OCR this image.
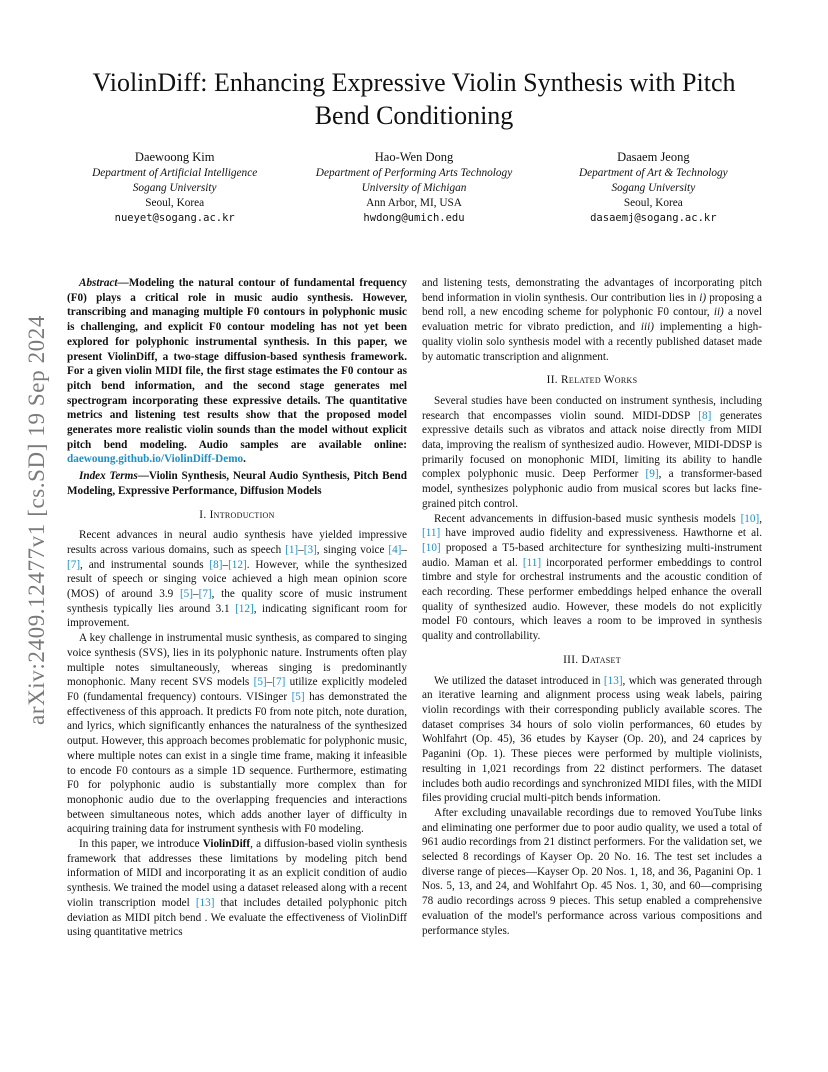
arXiv:2409.12477v1 [cs.SD] 19 Sep 2024
ViolinDiff: Enhancing Expressive Violin Synthesis with Pitch Bend Conditioning
Daewoong Kim
Department of Artificial Intelligence
Sogang University
Seoul, Korea
nueyet@sogang.ac.kr
Hao-Wen Dong
Department of Performing Arts Technology
University of Michigan
Ann Arbor, MI, USA
hwdong@umich.edu
Dasaem Jeong
Department of Art & Technology
Sogang University
Seoul, Korea
dasaemj@sogang.ac.kr

Abstract—Modeling the natural contour of fundamental frequency (F0) plays a critical role in music audio synthesis. However, transcribing and managing multiple F0 contours in polyphonic music is challenging, and explicit F0 contour modeling has not yet been explored for polyphonic instrumental synthesis. In this paper, we present ViolinDiff, a two-stage diffusion-based synthesis framework. For a given violin MIDI file, the first stage estimates the F0 contour as pitch bend information, and the second stage generates mel spectrogram incorporating these expressive details. The quantitative metrics and listening test results show that the proposed model generates more realistic violin sounds than the model without explicit pitch bend modeling. Audio samples are available online: daewoung.github.io/ViolinDiff-Demo.

Index Terms—Violin Synthesis, Neural Audio Synthesis, Pitch Bend Modeling, Expressive Performance, Diffusion Models

I. Introduction

Recent advances in neural audio synthesis have yielded impressive results across various domains, such as speech [1]–[3], singing voice [4]–[7], and instrumental sounds [8]–[12]. However, while the synthesized result of speech or singing voice achieved a high mean opinion score (MOS) of around 3.9 [5]–[7], the quality score of music instrument synthesis typically lies around 3.1 [12], indicating significant room for improvement.

A key challenge in instrumental music synthesis, as compared to singing voice synthesis (SVS), lies in its polyphonic nature. Instruments often play multiple notes simultaneously, whereas singing is predominantly monophonic. Many recent SVS models [5]–[7] utilize explicitly modeled F0 (fundamental frequency) contours. VISinger [5] has demonstrated the effectiveness of this approach. It predicts F0 from note pitch, note duration, and lyrics, which significantly enhances the naturalness of the synthesized output. However, this approach becomes problematic for polyphonic music, where multiple notes can exist in a single time frame, making it infeasible to encode F0 contours as a simple 1D sequence. Furthermore, estimating F0 for polyphonic audio is substantially more complex than for monophonic audio due to the overlapping frequencies and interactions between simultaneous notes, which adds another layer of difficulty in acquiring training data for instrument synthesis with F0 modeling.

In this paper, we introduce ViolinDiff, a diffusion-based violin synthesis framework that addresses these limitations by modeling pitch bend information of MIDI and incorporating it as an explicit condition of audio synthesis. We trained the model using a dataset released along with a recent violin transcription model [13] that includes detailed polyphonic pitch deviation as MIDI pitch bend . We evaluate the effectiveness of ViolinDiff using quantitative metrics

and listening tests, demonstrating the advantages of incorporating pitch bend information in violin synthesis. Our contribution lies in i) proposing a bend roll, a new encoding scheme for polyphonic F0 contour, ii) a novel evaluation metric for vibrato prediction, and iii) implementing a high-quality violin solo synthesis model with a recently published dataset made by automatic transcription and alignment.

II. Related Works

Several studies have been conducted on instrument synthesis, including research that encompasses violin sound. MIDI-DDSP [8] generates expressive details such as vibratos and attack noise directly from MIDI data, improving the realism of synthesized audio. However, MIDI-DDSP is primarily focused on monophonic MIDI, limiting its ability to handle complex polyphonic music. Deep Performer [9], a transformer-based model, synthesizes polyphonic audio from musical scores but lacks fine-grained pitch control.

Recent advancements in diffusion-based music synthesis models [10], [11] have improved audio fidelity and expressiveness. Hawthorne et al. [10] proposed a T5-based architecture for synthesizing multi-instrument audio. Maman et al. [11] incorporated performer embeddings to control timbre and style for orchestral instruments and the acoustic condition of each recording. These performer embeddings helped enhance the overall quality of synthesized audio. However, these models do not explicitly model F0 contours, which leaves a room to be improved in synthesis quality and controllability.

III. Dataset

We utilized the dataset introduced in [13], which was generated through an iterative learning and alignment process using weak labels, pairing violin recordings with their corresponding publicly available scores. The dataset comprises 34 hours of solo violin performances, 60 etudes by Wohlfahrt (Op. 45), 36 etudes by Kayser (Op. 20), and 24 caprices by Paganini (Op. 1). These pieces were performed by multiple violinists, resulting in 1,021 recordings from 22 distinct performers. The dataset includes both audio recordings and synchronized MIDI files, with the MIDI files providing crucial multi-pitch bends information.

After excluding unavailable recordings due to removed YouTube links and eliminating one performer due to poor audio quality, we used a total of 961 audio recordings from 21 distinct performers. For the validation set, we selected 8 recordings of Kayser Op. 20 No. 16. The test set includes a diverse range of pieces—Kayser Op. 20 Nos. 1, 18, and 36, Paganini Op. 1 Nos. 5, 13, and 24, and Wohlfahrt Op. 45 Nos. 1, 30, and 60—comprising 78 audio recordings across 9 pieces. This setup enabled a comprehensive evaluation of the model's performance across various compositions and performance styles.
